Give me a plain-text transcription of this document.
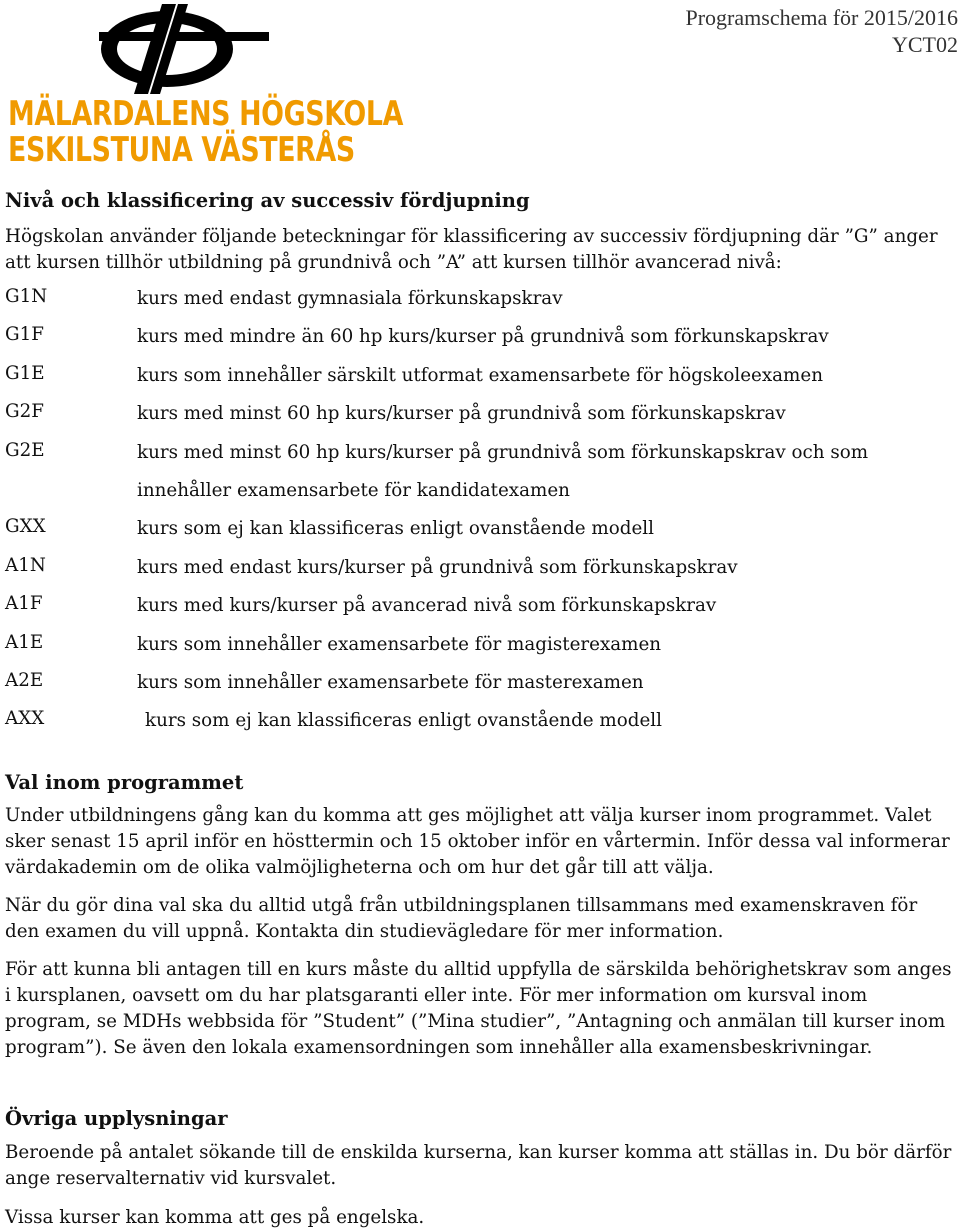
MÄLARDALENS HÖGSKOLA
ESKILSTUNA VÄSTERÅS
Programschema för 2015/2016
YCT02
Nivå och klassificering av successiv fördjupning
Högskolan använder följande beteckningar för klassificering av successiv fördjupning där ”G” anger att kursen tillhör utbildning på grundnivå och ”A” att kursen tillhör avancerad nivå:
G1N	kurs med endast gymnasiala förkunskapskrav
G1F	kurs med mindre än 60 hp kurs/kurser på grundnivå som förkunskapskrav
G1E	kurs som innehåller särskilt utformat examensarbete för högskoleexamen
G2F	kurs med minst 60 hp kurs/kurser på grundnivå som förkunskapskrav
G2E	kurs med minst 60 hp kurs/kurser på grundnivå som förkunskapskrav och som innehåller examensarbete för kandidatexamen
GXX	kurs som ej kan klassificeras enligt ovanstående modell
A1N	kurs med endast kurs/kurser på grundnivå som förkunskapskrav
A1F	kurs med kurs/kurser på avancerad nivå som förkunskapskrav
A1E	kurs som innehåller examensarbete för magisterexamen
A2E	kurs som innehåller examensarbete för masterexamen
AXX	kurs som ej kan klassificeras enligt ovanstående modell
Val inom programmet

Under utbildningens gång kan du komma att ges möjlighet att välja kurser inom programmet. Valet sker senast 15 april inför en hösttermin och 15 oktober inför en vårtermin. Inför dessa val informerar värdakademin om de olika valmöjligheterna och om hur det går till att välja.

När du gör dina val ska du alltid utgå från utbildningsplanen tillsammans med examenskraven för den examen du vill uppnå. Kontakta din studievägledare för mer information.

För att kunna bli antagen till en kurs måste du alltid uppfylla de särskilda behörighetskrav som anges i kursplanen, oavsett om du har platsgaranti eller inte. För mer information om kursval inom program, se MDHs webbsida för ”Student” (”Mina studier”, ”Antagning och anmälan till kurser inom program”). Se även den lokala examensordningen som innehåller alla examensbeskrivningar.

Övriga upplysningar

Beroende på antalet sökande till de enskilda kurserna, kan kurser komma att ställas in. Du bör därför ange reservalternativ vid kursvalet.

Vissa kurser kan komma att ges på engelska.
